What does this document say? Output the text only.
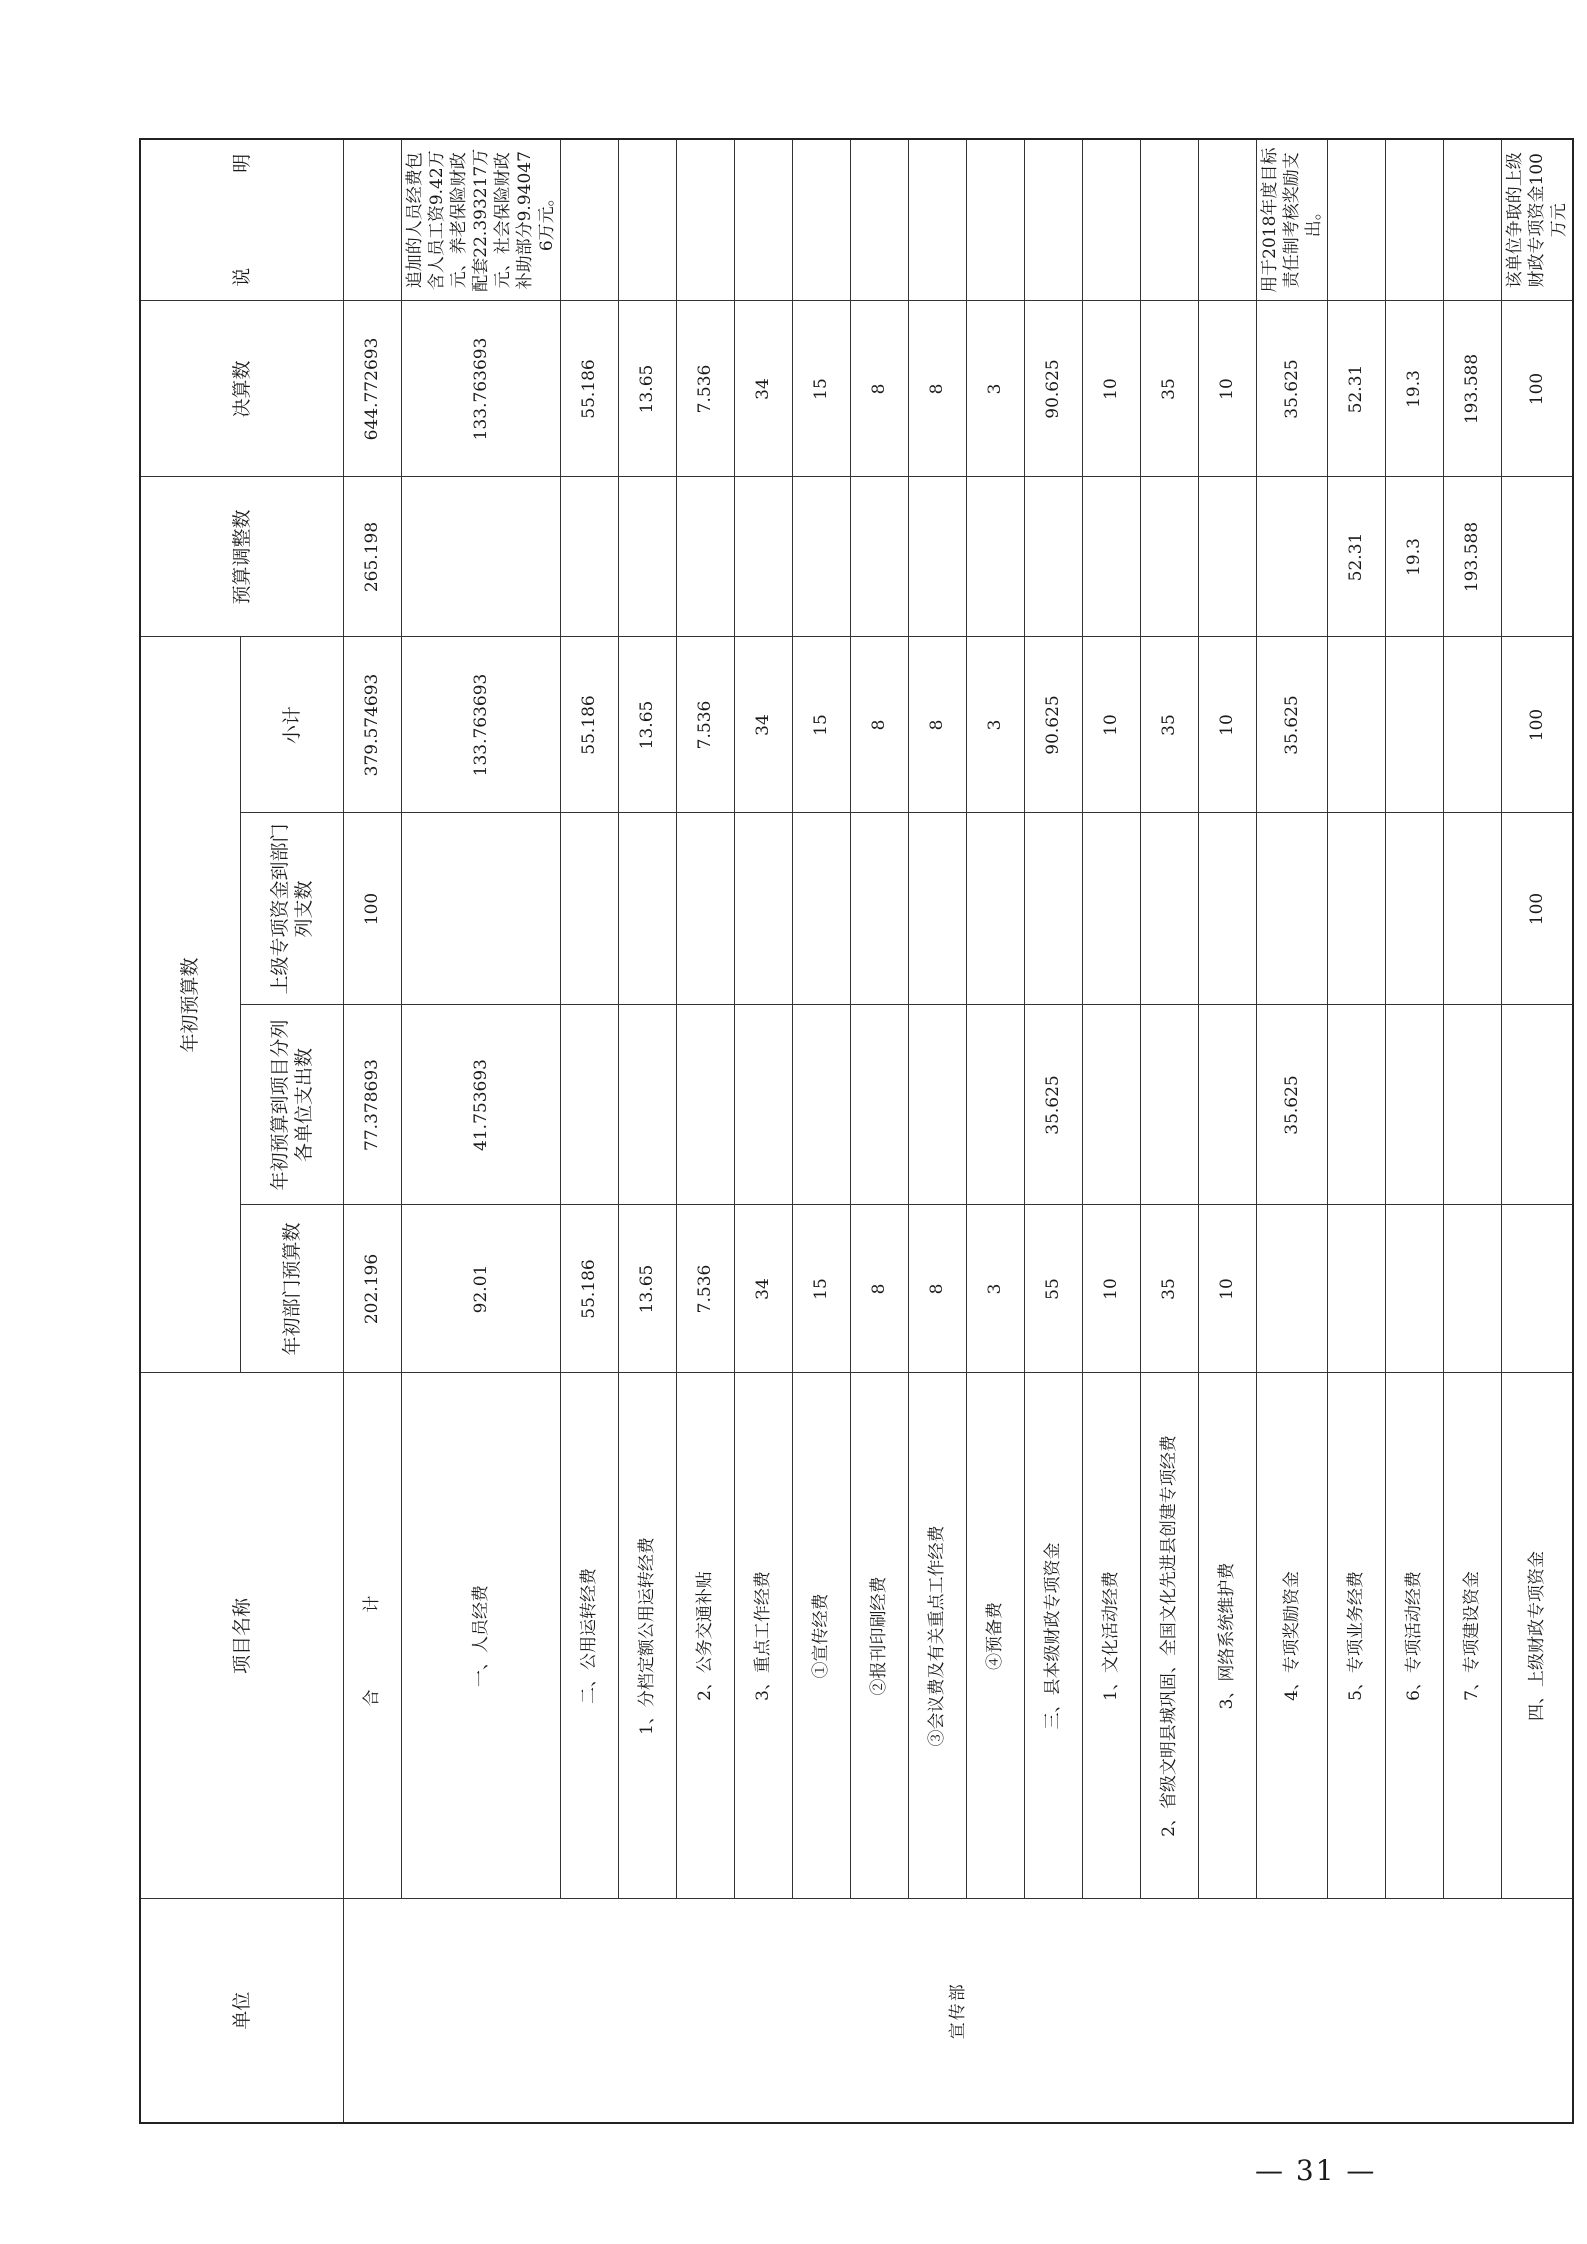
单位	项目名称	年初预算数				预算调整数	决算数	说　　　　　明
		年初部门预算数	年初预算到项目分列各单位支出数	上级专项资金到部门列支数	小计			
宣传部	合　计	202.196	77.378693	100	379.574693	265.198	644.772693	
	一、人员经费	92.01	41.753693		133.763693		133.763693	追加的人员经费包含人员工资9.42万元、养老保险财政配套22.393217万元、社会保险财政补助部分9.940476万元。
	二、公用运转经费	55.186			55.186		55.186	
	1、分档定额公用运转经费	13.65			13.65		13.65	
	2、公务交通补贴	7.536			7.536		7.536	
	3、重点工作经费	34			34		34	
	①宣传经费	15			15		15	
	②报刊印刷经费	8			8		8	
	③会议费及有关重点工作经费	8			8		8	
	④预备费	3			3		3	
	三、县本级财政专项资金	55	35.625		90.625		90.625	
	1、文化活动经费	10			10		10	
	2、省级文明县城巩固、全国文化先进县创建专项经费	35			35		35	
	3、网络系统维护费	10			10		10	
	4、专项奖励资金		35.625		35.625		35.625	用于2018年度目标责任制考核奖励支出。
	5、专项业务经费					52.31	52.31	
	6、专项活动经费					19.3	19.3	
	7、专项建设资金					193.588	193.588	
	四、上级财政专项资金			100	100		100	该单位争取的上级财政专项资金100万元
— 31 —
